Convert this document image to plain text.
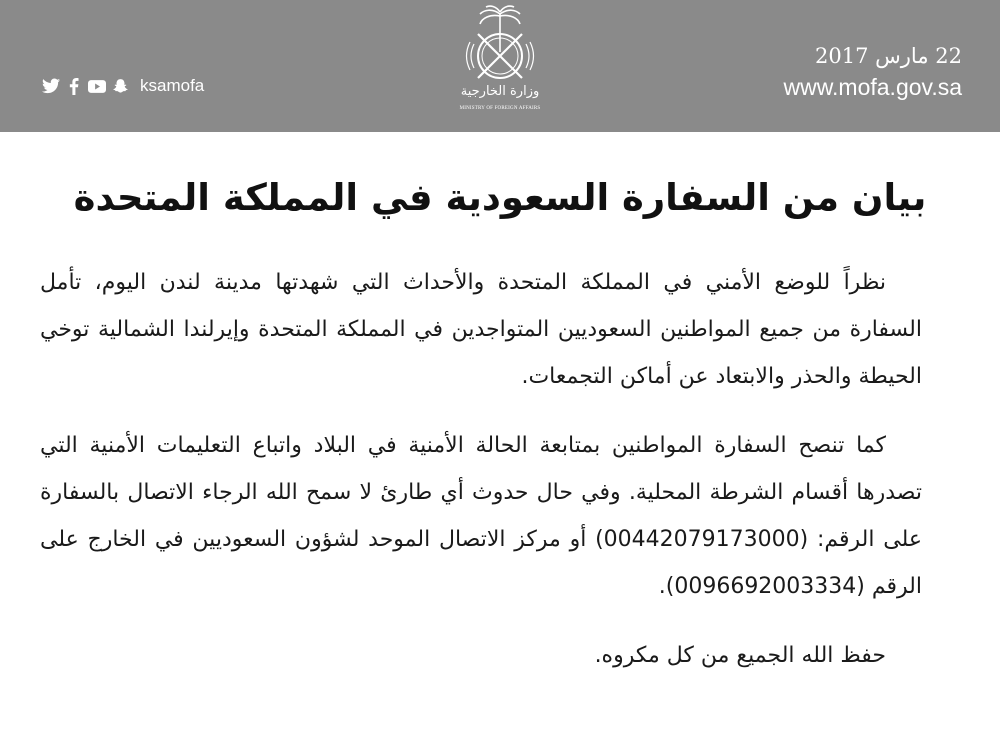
ksamofa	وزارة الخارجية
MINISTRY OF FOREIGN AFFAIRS
22 مارس 2017
www.mofa.gov.sa
بيان من السفارة السعودية في المملكة المتحدة

نظراً للوضع الأمني في المملكة المتحدة والأحداث التي شهدتها مدينة لندن اليوم، تأمل السفارة من جميع المواطنين السعوديين المتواجدين في المملكة المتحدة وإيرلندا الشمالية توخي الحيطة والحذر والابتعاد عن أماكن التجمعات.

كما تنصح السفارة المواطنين بمتابعة الحالة الأمنية في البلاد واتباع التعليمات الأمنية التي تصدرها أقسام الشرطة المحلية. وفي حال حدوث أي طارئ لا سمح الله الرجاء الاتصال بالسفارة على الرقم: (00442079173000) أو مركز الاتصال الموحد لشؤون السعوديين في الخارج على الرقم (0096692003334).

حفظ الله الجميع من كل مكروه.
